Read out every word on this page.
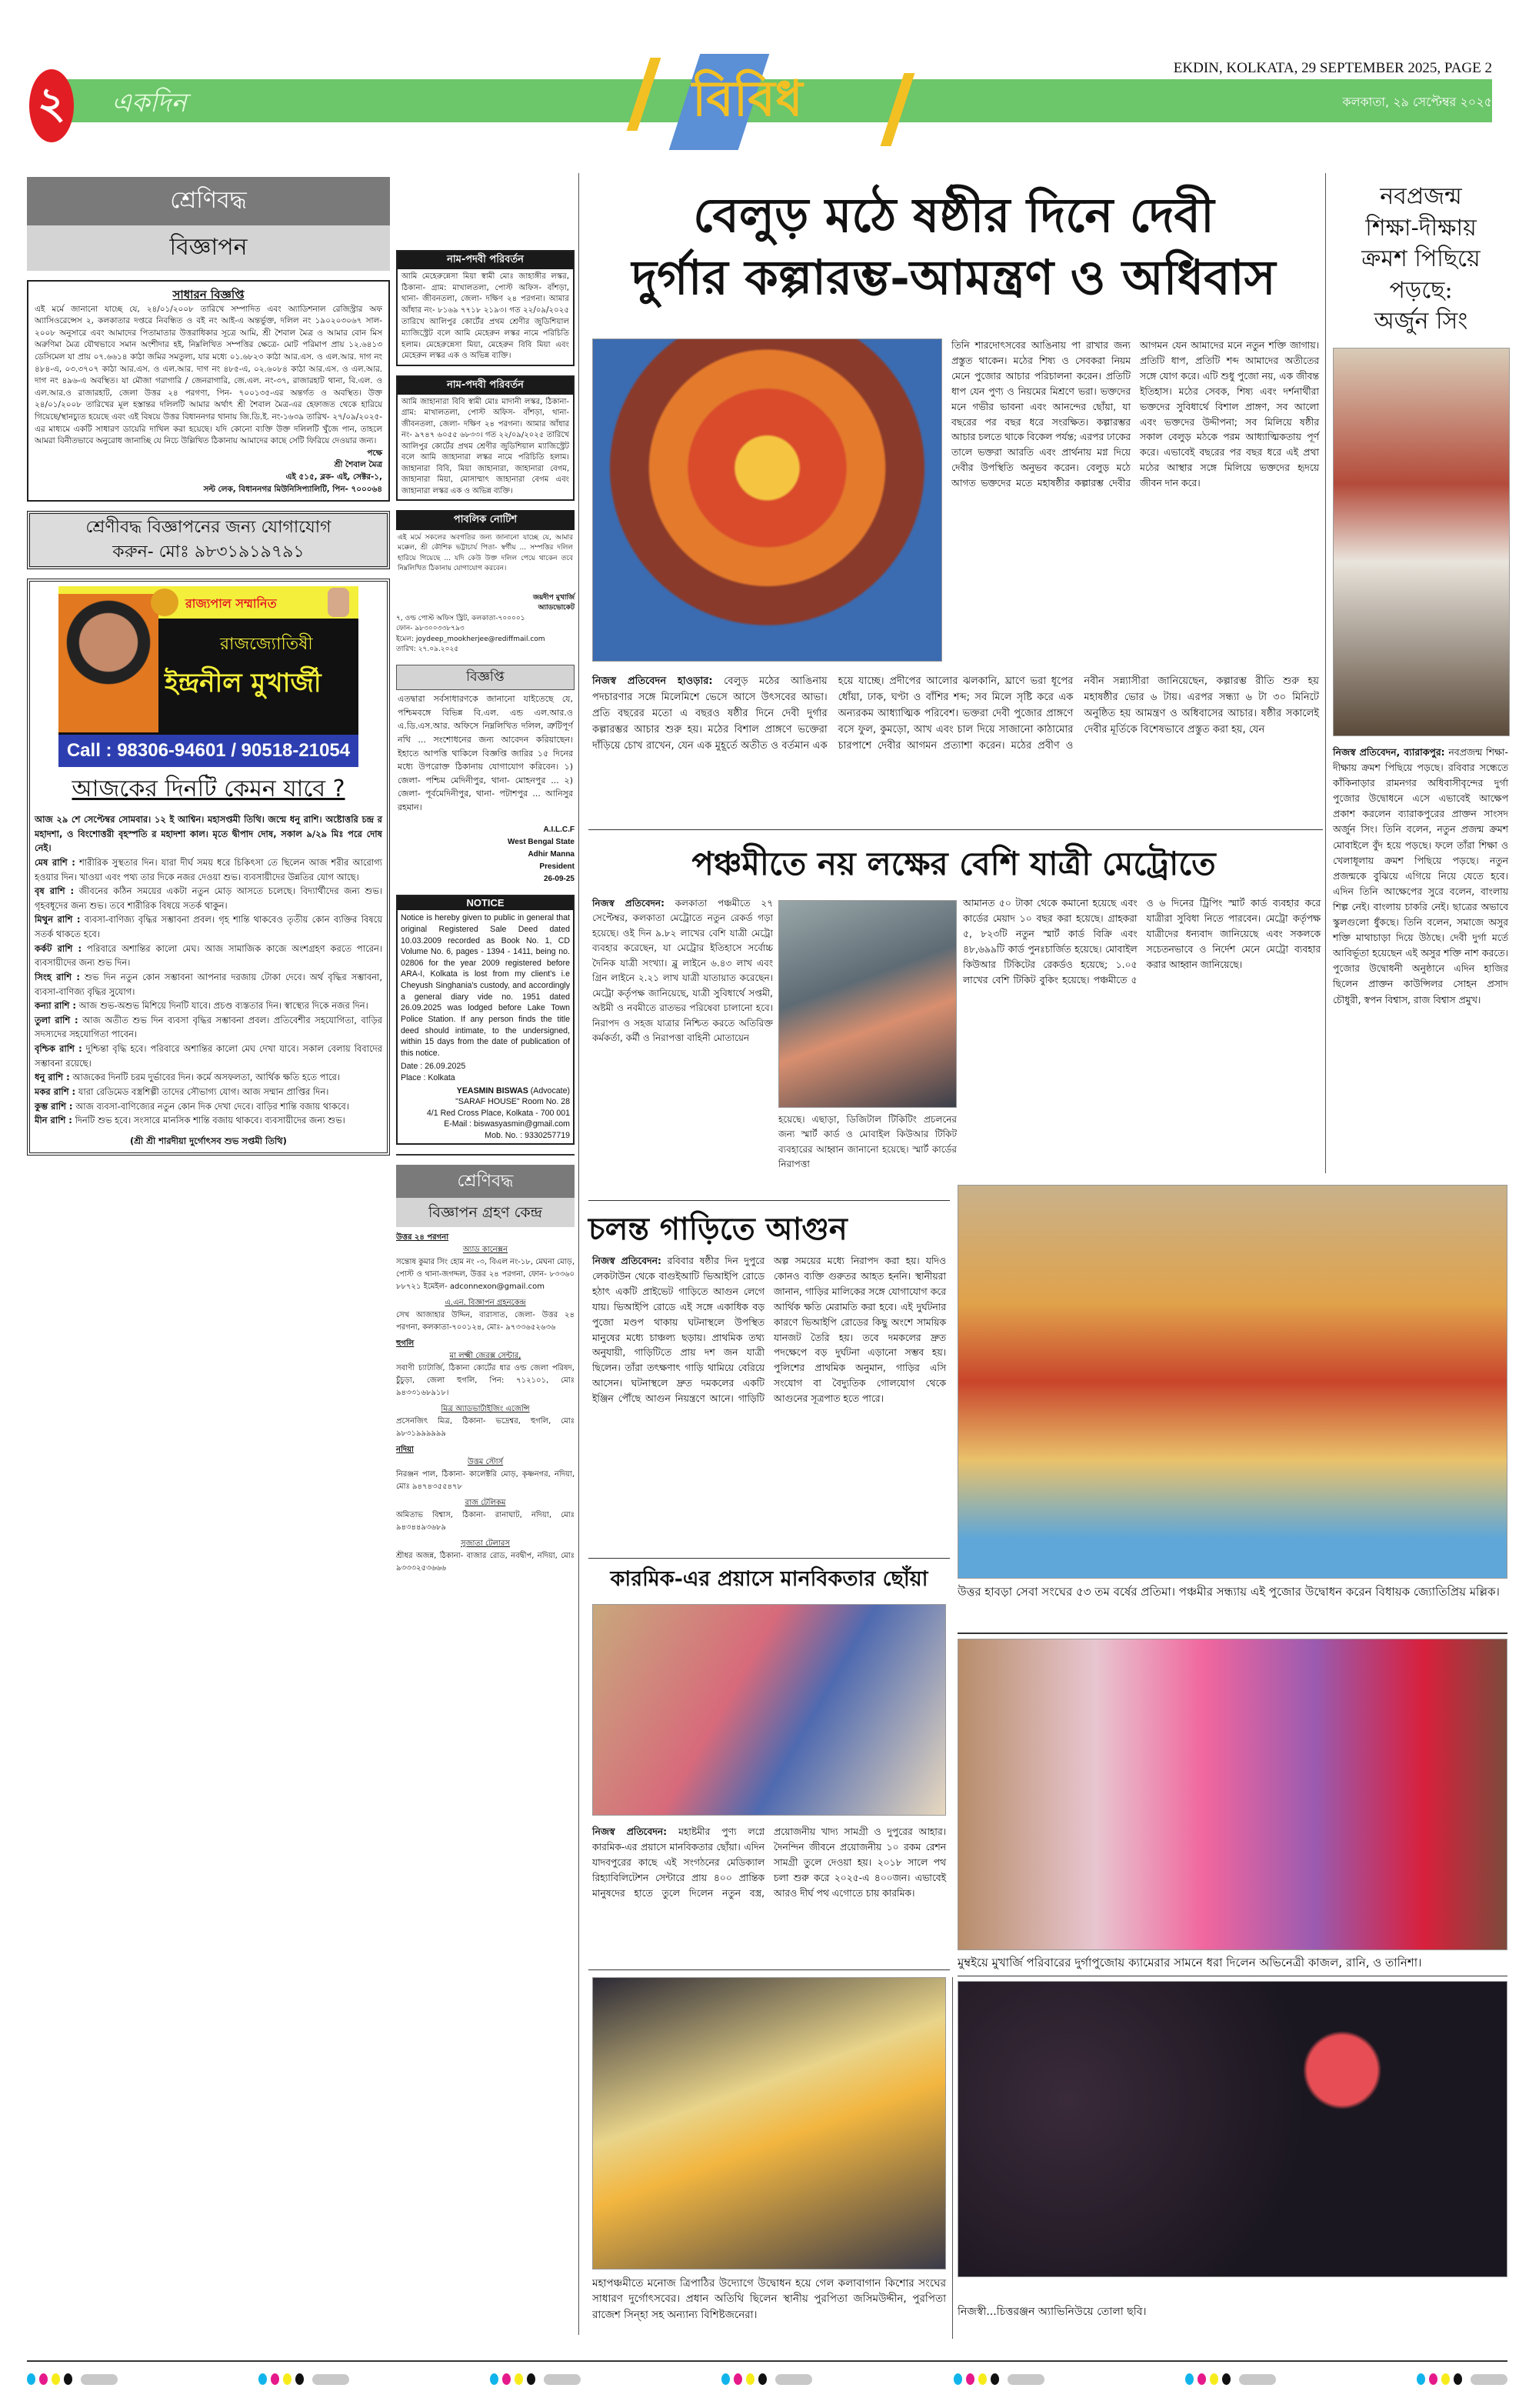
২	একদিন	বিবিধ
EKDIN, KOLKATA, 29 SEPTEMBER 2025, PAGE 2
কলকাতা, ২৯ সেপ্টেম্বর ২০২৫
শ্রেণিবদ্ধ
বিজ্ঞাপন
সাধারন বিজ্ঞপ্তি
এই মর্মে জানানো যাচ্ছে যে, ২৪/০১/২০০৮ তারিখে সম্পাদিত এবং অ্যাডিশনাল রেজিস্ট্রার অফ অ্যাসিওরেন্সেস ২, কলকাতার দপ্তরে নিবন্ধিত ও বই নং আই-এ অন্তর্ভুক্ত, দলিল নং ১৯০২০৩০৬৭ সাল- ২০০৮ অনুসারে এবং আমাদের পিতামাতার উত্তরাধিকার সূত্রে আমি, শ্রী শৈবাল মৈত্র ও আমার বোন মিস অরুণিমা মৈত্র যৌথভাবে সমান অংশীদার হই, নিম্নলিখিত সম্পত্তির ক্ষেত্রে- মোট পরিমাপ প্রায় ১২.৬৪১৩ ডেসিমেল যা প্রায় ০৭.৬৬১৪ কাঠা জমির সমতুল্য, যার মধ্যে ০১.৬৮২৩ কাঠা আর.এস. ও এল.আর. দাগ নং ৪৮৪-এ, ০৩.৩৭০৭ কাঠা আর.এস. ও এল.আর. দাগ নং ৪৮৫-এ, ০২.৬০৮৪ কাঠা আর.এস. ও এল.আর. দাগ নং ৪৯৬-এ অবস্থিত। যা মৌজা গরাগারি / জেনরাগারি, জে.এল. নং-৩৭, রাজারহাট থানা, বি.এল. ও এল.আর.ও রাজারহাট, জেলা উত্তর ২৪ পরগণা, পিন- ৭০০১৩৫-এর অন্তর্গত ও অবস্থিত। উক্ত ২৪/০১/২০০৮ তারিখের মূল হস্তান্তর দলিলটি আমার অর্থাৎ শ্রী শৈবাল মৈত্র-এর হেফাজত থেকে হারিয়ে গিয়েছে/স্থানচ্যুত হয়েছে এবং এই বিষয়ে উত্তর বিধাননগর থানায় জি.ডি.ই. নং-১৬৩৯ তারিখ- ২৭/০৯/২০২৫-এর মাধ্যমে একটি সাধারণ ডায়েরি দাখিল করা হয়েছে। যদি কোনো ব্যক্তি উক্ত দলিলটি খুঁজে পান, তাহলে আমরা বিনীতভাবে অনুরোধ জানাচ্ছি যে নিচে উল্লিখিত ঠিকানায় আমাদের কাছে সেটি ফিরিয়ে দেওয়ার জন্য।
পক্ষে
শ্রী শৈবাল মৈত্র
এই ৫১৫, ব্লক- এই, সেক্টর-১,
সল্ট লেক, বিধাননগর মিউনিসিপ্যালিটি, পিন- ৭০০০৬৪
শ্রেণীবদ্ধ বিজ্ঞাপনের জন্য যোগাযোগ
করুন- মোঃ ৯৮৩১৯১৯৭৯১
রাজ্যপাল সম্মানিত
রাজজ্যোতিষী
ইন্দ্রনীল মুখার্জী
Call : 98306-94601 / 90518-21054
আজকের দিনটি কেমন যাবে ?
আজ ২৯ শে সেপ্টেম্বর সোমবার। ১২ ই আশ্বিন। মহাসপ্তমী তিথি। জন্মে ধনু রাশি। অষ্টোত্তরি চন্দ্র র মহাদশা, ও বিংশোত্তরী বৃহস্পতি র মহাদশা কাল। মৃতে দ্বীপাদ দোষ, সকাল ৯/২৯ মিঃ পরে দোষ নেই।
মেষ রাশি : শারীরিক সুস্থতার দিন। যারা দীর্ঘ সময় ধরে চিকিৎসা তে ছিলেন আজ শরীর আরোগ্য হওয়ার দিন। খাওয়া এবং পথ্য তার দিকে নজর দেওয়া শুভ। ব্যবসায়ীদের উন্নতির যোগ আছে।
বৃষ রাশি : জীবনের কঠিন সময়ের একটা নতুন মোড় আসতে চলেছে। বিদ্যার্থীদের জন্য শুভ। গৃহবধূদের জন্য শুভ। তবে শারীরিক বিষয়ে সতর্ক থাকুন।
মিথুন রাশি : ব্যবসা-বাণিজ্য বৃদ্ধির সম্ভাবনা প্রবল। গৃহ শান্তি থাকবেও তৃতীয় কোন ব্যক্তির বিষয়ে সতর্ক থাকতে হবে।
কর্কট রাশি : পরিবারে অশান্তির কালো মেঘ। আজ সামাজিক কাজে অংশগ্রহণ করতে পারেন। ব্যবসায়ীদের জন্য শুভ দিন।
সিংহ রাশি : শুভ দিন নতুন কোন সম্ভাবনা আপনার দরজায় টোকা দেবে। অর্থ বৃদ্ধির সম্ভাবনা, ব্যবসা-বাণিজ্য বৃদ্ধির সুযোগ।
কন্যা রাশি : আজ শুভ-অশুভ মিশিয়ে দিনটি যাবে। প্রচণ্ড ব্যস্ততার দিন। স্বাস্থ্যের দিকে নজর দিন।
তুলা রাশি : আজ অতীত শুভ দিন ব্যবসা বৃদ্ধির সম্ভাবনা প্রবল। প্রতিবেশীর সহযোগিতা, বাড়ির সদস্যদের সহযোগিতা পাবেন।
বৃশ্চিক রাশি : দুশ্চিন্তা বৃদ্ধি হবে। পরিবারে অশান্তির কালো মেঘ দেখা যাবে। সকাল বেলায় বিবাদের সম্ভাবনা রয়েছে।
ধনু রাশি : আজকের দিনটি চরম দুর্ভাবের দিন। কর্মে অসফলতা, আর্থিক ক্ষতি হতে পারে।
মকর রাশি : যারা রেডিমেড বস্ত্রশিল্পী তাদের সৌভাগ্য যোগ। আজ সম্মান প্রাপ্তির দিন।
কুম্ভ রাশি : আজ ব্যবসা-বাণিজ্যের নতুন কোন দিক দেখা দেবে। বাড়ির শান্তি বজায় থাকবে।
মীন রাশি : দিনটি শুভ হবে। সংসারে মানসিক শান্তি বজায় থাকবে। ব্যবসায়ীদের জন্য শুভ।
(শ্রী শ্রী শারদীয়া দুর্গোৎসব শুভ সপ্তমী তিথি)
নাম-পদবী পরিবর্তন
আমি মেহেরুন্নেসা মিয়া স্বামী মোঃ জাহাঙ্গীর লস্কর, ঠিকানা- গ্রাম: মাখালতলা, পোস্ট অফিস- বাঁশড়া, থানা- জীবনতলা, জেলা- দক্ষিণ ২৪ পরগনা। আমার আঁধার নং- ৮১৬৯ ৭৭১৮ ২১৯৩। গত ২২/০৯/২০২৫ তারিখে আলিপুর কোর্টের প্রথম শ্রেণীর জুডিশিয়াল ম্যাজিস্ট্রেট বলে আমি মেহেরুন লস্কর নামে পরিচিতি হলাম। মেহেরুন্নেসা মিয়া, মেহেরুন বিবি মিয়া এবং মেহেরুন লস্কর এক ও অভিন্ন ব্যক্তি।
নাম-পদবী পরিবর্তন
আমি জাহানারা বিবি স্বামী মোঃ মাদানী লস্কর, ঠিকানা- গ্রাম: মাখালতলা, পোস্ট অফিস- বাঁশড়া, থানা- জীবনতলা, জেলা- দক্ষিণ ২৪ পরগনা। আমার আঁধার নং- ৯৭৪৭ ৬০৫৫ ৬৮৩৩। গত ২২/০৯/২০২৫ তারিখে আলিপুর কোর্টের প্রথম শ্রেণীর জুডিশিয়াল ম্যাজিস্ট্রেট বলে আমি জাহানারা লস্কর নামে পরিচিতি হলাম। জাহানারা বিবি, মিয়া জাহানারা, জাহানারা বেগম, জাহানারা মিয়া, মোসাম্মাৎ জাহানারা বেগম এবং জাহানারা লস্কর এক ও অভিন্ন ব্যক্তি।
পাবলিক নোটিশ
এই মর্মে সকলের অবগতির জন্য জানানো যাচ্ছে যে, আমার মক্কেল, শ্রী কৌশিক ভট্টাচার্য পিতা- স্বর্গীয় ... সম্পত্তির দলিল হারিয়ে গিয়েছে ... যদি কেউ উক্ত দলিল পেয়ে থাকেন তবে নিম্নলিখিত ঠিকানায় যোগাযোগ করবেন।
জয়দীপ মুখার্জি
অ্যাডভোকেট
৭, ওল্ড পোস্ট অফিস স্ট্রিট, কলকাতা-৭০০০০১
ফোন- ৯৮৩০০৩৩৮৭৯৩
ইমেল: joydeep_mookherjee@rediffmail.com
তারিখ: ২৭.০৯.২০২৫
বিজ্ঞপ্তি
এতদ্বারা সর্বসাধারণকে জানানো যাইতেছে যে, পশ্চিমবঙ্গে বিভিন্ন বি.এল. এন্ড এল.আর.ও এ.ডি.এস.আর. অফিসে নিম্নলিখিত দলিল, ত্রুটিপূর্ণ নথি ... সংশোধনের জন্য আবেদন করিয়াছেন। ইহাতে আপত্তি থাকিলে বিজ্ঞপ্তি জারির ১৫ দিনের মধ্যে উপরোক্ত ঠিকানায় যোগাযোগ করিবেন। ১) জেলা- পশ্চিম মেদিনীপুর, থানা- মোহনপুর ... ২) জেলা- পূর্বমেদিনীপুর, থানা- পটাশপুর ... আনিসুর রহমান।
A.I.L.C.F
West Bengal State
Adhir Manna
President
26-09-25
NOTICE
Notice is hereby given to public in general that original Registered Sale Deed dated 10.03.2009 recorded as Book No. 1, CD Volume No. 6, pages - 1394 - 1411, being no. 02806 for the year 2009 registered before ARA-I, Kolkata is lost from my client's i.e Cheyush Singhania's custody, and accordingly a general diary vide no. 1951 dated 26.09.2025 was lodged before Lake Town Police Station. If any person finds the title deed should intimate, to the undersigned, within 15 days from the date of publication of this notice.
Date : 26.09.2025
Place : Kolkata
YEASMIN BISWAS (Advocate)
"SARAF HOUSE" Room No. 28
4/1 Red Cross Place, Kolkata - 700 001
E-Mail : biswasyasmin@gmail.com
Mob. No. : 9330257719
শ্রেণিবদ্ধ
বিজ্ঞাপন গ্রহণ কেন্দ্র
উত্তর ২৪ পরগনা
অ্যাড কানেক্সন
সন্তোষ কুমার সিং হোম নং -৩, বিএল নং-১৮, মেঘনা মোড়, পোস্ট ও থানা-জগদ্দল, উত্তর ২৪ পরগনা, ফোন- ৮৩৩৬০ ৮৮৭২১ ইমেইল- adconnexon@gmail.com
এ.এন. বিজ্ঞাপন গ্রহনকেন্দ্র
সেখ আজাহার উদ্দিন, বারাসাত, জেলা- উত্তর ২৪ পরগনা, কলকাতা-৭০০১২৪, মোঃ- ৯৭৩৩৬৫২৬৩৬
হুগলি
মা লক্ষ্মী জেরক্স সেন্টার,
সবাণী চ্যাটার্জি, ঠিকানা কোর্টের ধার ওল্ড জেলা পরিষদ, চুঁচুড়া, জেলা হুগলি, পিন: ৭১২১০১, মোঃ ৯৪৩৩১৬৮৯১৮।
মিত্র অ্যাডভার্টাইজিং এজেন্সি
প্রসেনজিৎ মিত্র, ঠিকানা- ভদ্রেশ্বর, হুগলি, মোঃ ৯৮৩১৯৯৯৯৯৯
নদিয়া
উত্তম স্টোর্স
নিরঞ্জন পাল, ঠিকানা- কালেক্টরি মোড়, কৃষ্ণনগর, নদিয়া, মোঃ ৯৪৭৪৩৫৫৪৭৮
রাজ টেলিকম
অমিতাভ বিশ্বাস, ঠিকানা- রানাঘাট, নদিয়া, মোঃ ৯৪৩৪৪৯৩৬৮৯
সুজাতা টেলারস
শ্রীধর অজন্ন, ঠিকানা- বাজার রোড, নবদ্বীপ, নদিয়া, মোঃ ৯৩৩৩২৫৩৬৬৬
বেলুড় মঠে ষষ্ঠীর দিনে দেবী
দুর্গার কল্পারম্ভ-আমন্ত্রণ ও অধিবাস
তিনি শারদোৎসবের আঙিনায় পা রাখার জন্য প্রস্তুত থাকেন। মঠের শিষ্য ও সেবকরা নিয়ম মেনে পুজোর আচার পরিচালনা করেন। প্রতিটি ধাপ যেন পুণ্য ও নিয়মের মিশ্রণে ভরা। ভক্তদের মনে গভীর ভাবনা এবং আনন্দের ছোঁয়া, যা বছরের পর বছর ধরে সংরক্ষিত। কল্পারম্ভর আচার চলতে থাকে বিকেল পর্যন্ত; এরপর ঢাকের তালে ভক্তরা আরতি এবং প্রার্থনায় মগ্ন দিয়ে দেবীর উপস্থিতি অনুভব করেন। বেলুড় মঠে আগত ভক্তদের মতে মহাষষ্ঠীর কল্পারম্ভ দেবীর আগমন যেন আমাদের মনে নতুন শক্তি জাগায়। প্রতিটি ধাপ, প্রতিটি শব্দ আমাদের অতীতের সঙ্গে যোগ করে। এটি শুধু পুজো নয়, এক জীবন্ত ইতিহাস। মঠের সেবক, শিষ্য এবং দর্শনার্থীরা ভক্তদের সুবিধার্থে বিশাল প্রাঙ্গণ, সব আলো এবং ভক্তদের উদ্দীপনা; সব মিলিয়ে ষষ্ঠীর সকাল বেলুড় মঠকে পরম আধ্যাত্মিকতায় পূর্ণ করে। এভাবেই বছরের পর বছর ধরে এই প্রথা মঠের আস্থার সঙ্গে মিলিয়ে ভক্তদের হৃদয়ে জীবন দান করে।
নিজস্ব প্রতিবেদন হাওড়ার: বেলুড় মঠের আঙিনায় পদচারণার সঙ্গে মিলেমিশে ভেসে আসে উৎসবের আভা। প্রতি বছরের মতো এ বছরও ষষ্ঠীর দিনে দেবী দুর্গার কল্পারম্ভর আচার শুরু হয়। মঠের বিশাল প্রাঙ্গণে ভক্তেরা দাঁড়িয়ে চোখ রাখেন, যেন এক মুহূর্তে অতীত ও বর্তমান এক হয়ে যাচ্ছে। প্রদীপের আলোর ঝলকানি, ঘ্রাণে ভরা ধূপের ধোঁয়া, ঢাক, ঘণ্টা ও বাঁশির শব্দ; সব মিলে সৃষ্টি করে এক অন্যরকম আধ্যাত্মিক পরিবেশ। ভক্তরা দেবী পুজোর প্রাঙ্গণে বসে ফুল, কুমড়ো, আখ এবং চাল দিয়ে সাজানো কাঠামোর চারপাশে দেবীর আগমন প্রত্যাশা করেন। মঠের প্রবীণ ও নবীন সন্ন্যাসীরা জানিয়েছেন, কল্পারম্ভ রীতি শুরু হয় মহাষষ্ঠীর ভোর ৬ টায়। এরপর সন্ধ্যা ৬ টা ৩০ মিনিটে অনুষ্ঠিত হয় আমন্ত্রণ ও অধিবাসের আচার। ষষ্ঠীর সকালেই দেবীর মূর্তিকে বিশেষভাবে প্রস্তুত করা হয়, যেন
পঞ্চমীতে নয় লক্ষের বেশি যাত্রী মেট্রোতে
নিজস্ব প্রতিবেদন: কলকাতা পঞ্চমীতে ২৭ সেপ্টেম্বর, কলকাতা মেট্রোতে নতুন রেকর্ড গড়া হয়েছে। ওই দিন ৯.৮২ লাখের বেশি যাত্রী মেট্রো ব্যবহার করেছেন, যা মেট্রোর ইতিহাসে সর্বোচ্চ দৈনিক যাত্রী সংখ্যা। ব্লু লাইনে ৬.৪৩ লাখ এবং গ্রিন লাইনে ২.২১ লাখ যাত্রী যাতায়াত করেছেন। মেট্রো কর্তৃপক্ষ জানিয়েছে, যাত্রী সুবিধার্থে সপ্তমী, অষ্টমী ও নবমীতে রাতভর পরিষেবা চালানো হবে। নিরাপদ ও সহজ যাত্রার নিশ্চিত করতে অতিরিক্ত কর্মকর্তা, কর্মী ও নিরাপত্তা বাহিনী মোতায়েন
হয়েছে। এছাড়া, ডিজিটাল টিকিটিং প্রচলনের জন্য স্মার্ট কার্ড ও মোবাইল কিউআর টিকিট ব্যবহারের আহ্বান জানানো হয়েছে। স্মার্ট কার্ডের নিরাপত্তা
আমানত ৫০ টাকা থেকে কমানো হয়েছে এবং কার্ডের মেয়াদ ১০ বছর করা হয়েছে। গ্রাহকরা ৫, ৮২৩টি নতুন স্মার্ট কার্ড বিক্রি এবং ৪৮,৬৯৯টি কার্ড পুনঃচার্জিত হয়েছে। মোবাইল কিউআর টিকিটের রেকর্ডও হয়েছে; ১.০৫ লাখের বেশি টিকিট বুকিং হয়েছে। পঞ্চমীতে ৫ ও ৬ দিনের ট্রিপিং স্মার্ট কার্ড ব্যবহার করে যাত্রীরা সুবিধা নিতে পারবেন। মেট্রো কর্তৃপক্ষ যাত্রীদের ধন্যবাদ জানিয়েছে এবং সকলকে সচেতনভাবে ও নির্দেশ মেনে মেট্রো ব্যবহার করার আহ্বান জানিয়েছে।
চলন্ত গাড়িতে আগুন
নিজস্ব প্রতিবেদন: রবিবার ষষ্ঠীর দিন দুপুরে লেকটাউন থেকে বাগুইআটি ভিআইপি রোডে হঠাৎ একটি প্রাইভেট গাড়িতে আগুন লেগে যায়। ভিআইপি রোডে এই সঙ্গে একাধিক বড় পুজো মণ্ডপ থাকায় ঘটনাস্থলে উপস্থিত মানুষের মধ্যে চাঞ্চল্য ছড়ায়। প্রাথমিক তথ্য অনুযায়ী, গাড়িটিতে প্রায় দশ জন যাত্রী ছিলেন। তাঁরা তৎক্ষণাৎ গাড়ি থামিয়ে বেরিয়ে আসেন। ঘটনাস্থলে দ্রুত দমকলের একটি ইঞ্জিন পৌঁছে আগুন নিয়ন্ত্রণে আনে। গাড়িটি অল্প সময়ের মধ্যে নিরাপদ করা হয়। যদিও কোনও ব্যক্তি গুরুতর আহত হননি। স্থানীয়রা জানান, গাড়ির মালিকের সঙ্গে যোগাযোগ করে আর্থিক ক্ষতি মেরামতি করা হবে। এই দুর্ঘটনার কারণে ভিআইপি রোডের কিছু অংশে সাময়িক যানজট তৈরি হয়। তবে দমকলের দ্রুত পদক্ষেপে বড় দুর্ঘটনা এড়ানো সম্ভব হয়। পুলিশের প্রাথমিক অনুমান, গাড়ির এসি সংযোগ বা বৈদ্যুতিক গোলযোগ থেকে আগুনের সূত্রপাত হতে পারে।
উত্তর হাবড়া সেবা সংঘের ৫৩ তম বর্ষের প্রতিমা। পঞ্চমীর সন্ধ্যায় এই পুজোর উদ্বোধন করেন বিধায়ক জ্যোতিপ্রিয় মল্লিক।
কারমিক-এর প্রয়াসে মানবিকতার ছোঁয়া
নিজস্ব প্রতিবেদন: মহাষ্টমীর পুণ্য লগ্নে কারমিক-এর প্রয়াসে মানবিকতার ছোঁয়া। এদিন যাদবপুরের কাছে এই সংগঠনের মেডিক্যাল রিহ্যাবিলিটেশন সেন্টারে প্রায় ৪০০ প্রান্তিক মানুষদের হাতে তুলে দিলেন নতুন বস্ত্র, প্রয়োজনীয় খাদ্য সামগ্রী ও দুপুরের আহার। দৈনন্দিন জীবনে প্রয়োজনীয় ১০ রকম রেশন সামগ্রী তুলে দেওয়া হয়। ২০১৮ সালে পথ চলা শুরু করে ২০২৫-এ ৪০০জন। এভাবেই আরও দীর্ঘ পথ এগোতে চায় কারমিক।
মহাপঞ্চমীতে মনোজ ত্রিপাঠির উদ্যোগে উদ্বোধন হয়ে গেল কলাবাগান কিশোর সংঘের সাধারণ দুর্গোৎসবের। প্রধান অতিথি ছিলেন স্থানীয় পুরপিতা জসিমউদ্দীন, পুরপিতা রাজেশ সিন্হা সহ অন্যান্য বিশিষ্টজনেরা।
মুম্বইয়ে মুখার্জি পরিবারের দুর্গাপুজোয় ক্যামেরার সামনে ধরা দিলেন অভিনেত্রী কাজল, রানি, ও তানিশা।
নিজস্বী...চিত্তরঞ্জন অ্যাভিনিউয়ে তোলা ছবি।
নবপ্রজন্ম
শিক্ষা-দীক্ষায়
ক্রমশ পিছিয়ে
পড়ছে:
অর্জুন সিং
নিজস্ব প্রতিবেদন, ব্যারাকপুর: নবপ্রজন্ম শিক্ষা-দীক্ষায় ক্রমশ পিছিয়ে পড়ছে। রবিবার সন্ধেতে কাঁকিনাড়ার রামনগর অধিবাসীবৃন্দের দুর্গা পুজোর উদ্বোধনে এসে এভাবেই আক্ষেপ প্রকাশ করলেন ব্যারাকপুরের প্রাক্তন সাংসদ অর্জুন সিং। তিনি বলেন, নতুন প্রজন্ম ক্রমশ মোবাইলে বুঁদ হয়ে পড়ছে। ফলে তাঁরা শিক্ষা ও খেলাধূলায় ক্রমশ পিছিয়ে পড়ছে। নতুন প্রজন্মকে বুঝিয়ে এগিয়ে নিয়ে যেতে হবে। এদিন তিনি আক্ষেপের সুরে বলেন, বাংলায় শিল্প নেই। বাংলায় চাকরি নেই। ছাত্রের অভাবে স্কুলগুলো ধুঁকছে। তিনি বলেন, সমাজে অসুর শক্তি মাথাচাড়া দিয়ে উঠছে। দেবী দুর্গা মর্তে আবির্ভূতা হয়েছেন এই অসুর শক্তি নাশ করতে। পুজোর উদ্বোধনী অনুষ্ঠানে এদিন হাজির ছিলেন প্রাক্তন কাউন্সিলর সোহন প্রসাদ চৌধুরী, স্বপন বিশ্বাস, রাজ বিশ্বাস প্রমুখ।
